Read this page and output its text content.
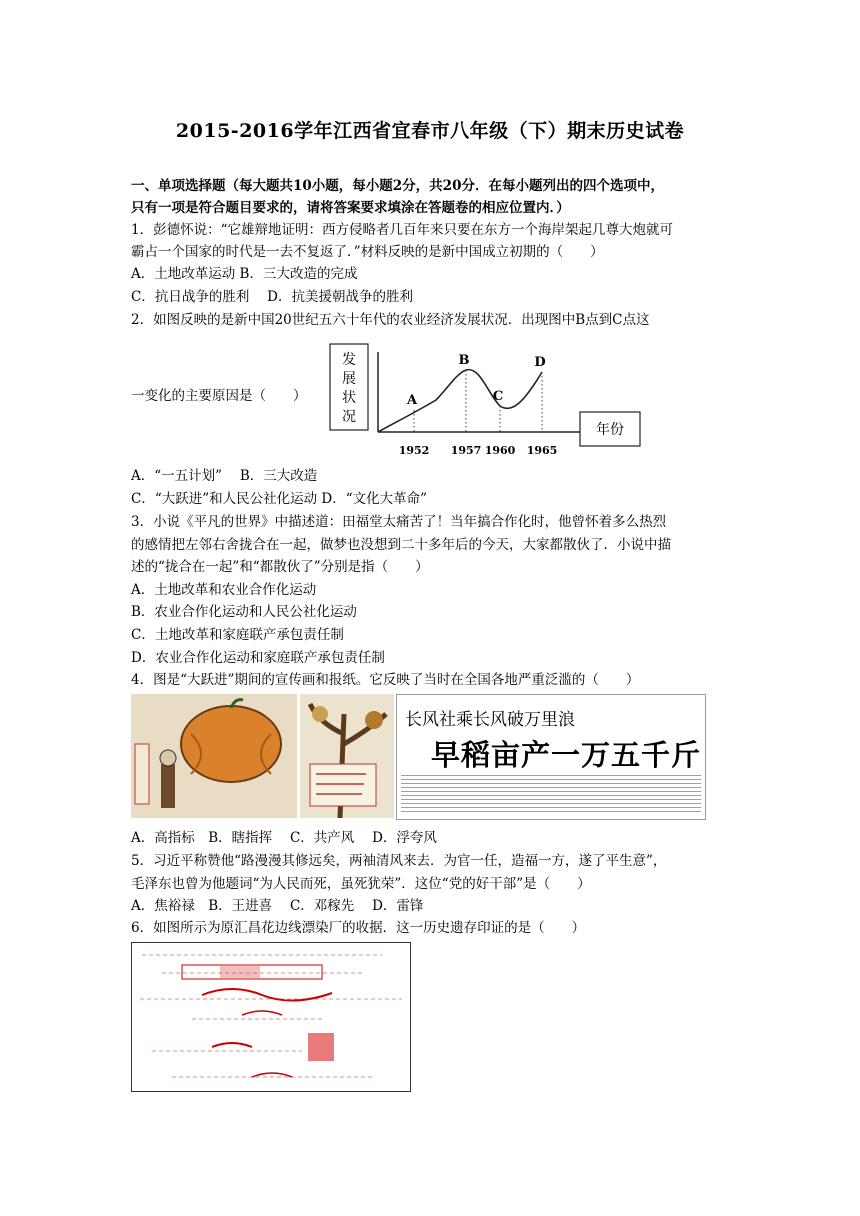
2015-2016学年江西省宜春市八年级（下）期末历史试卷
一、单项选择题（每大题共10小题，每小题2分，共20分．在每小题列出的四个选项中，
只有一项是符合题目要求的，请将答案要求填涂在答题卷的相应位置内．）
1．彭德怀说：“它雄辩地证明：西方侵略者几百年来只要在东方一个海岸架起几尊大炮就可
霸占一个国家的时代是一去不复返了．”材料反映的是新中国成立初期的（　　）
A．土地改革运动 B．三大改造的完成
C．抗日战争的胜利　 D．抗美援朝战争的胜利
2．如图反映的是新中国20世纪五六十年代的农业经济发展状况．出现图中B点到C点这
一变化的主要原因是（　　）
发展状况
年份
1952
A
1957
B
1960
C
1965
D
A．“一五计划”　 B．三大改造
C．“大跃进”和人民公社化运动 D．“文化大革命”
3．小说《平凡的世界》中描述道：田福堂太痛苦了！当年搞合作化时，他曾怀着多么热烈
的感情把左邻右舍拢合在一起，做梦也没想到二十多年后的今天，大家都散伙了．小说中描
述的“拢合在一起”和“都散伙了”分别是指（　　）
A．土地改革和农业合作化运动
B．农业合作化运动和人民公社化运动
C．土地改革和家庭联产承包责任制
D．农业合作化运动和家庭联产承包责任制
4．图是“大跃进”期间的宣传画和报纸。它反映了当时在全国各地严重泛滥的（　　）
长风社乘长风破万里浪
早稻亩产一万五千斤
A．高指标　B．瞎指挥　 C．共产风　 D．浮夸风
5．习近平称赞他“路漫漫其修远矣，两袖清风来去．为官一任，造福一方，遂了平生意”，
毛泽东也曾为他题词“为人民而死，虽死犹荣”．这位“党的好干部”是（　　）
A．焦裕禄　B．王进喜　 C．邓稼先　 D．雷锋
6．如图所示为原汇昌花边线漂染厂的收据．这一历史遗存印证的是（　　）
